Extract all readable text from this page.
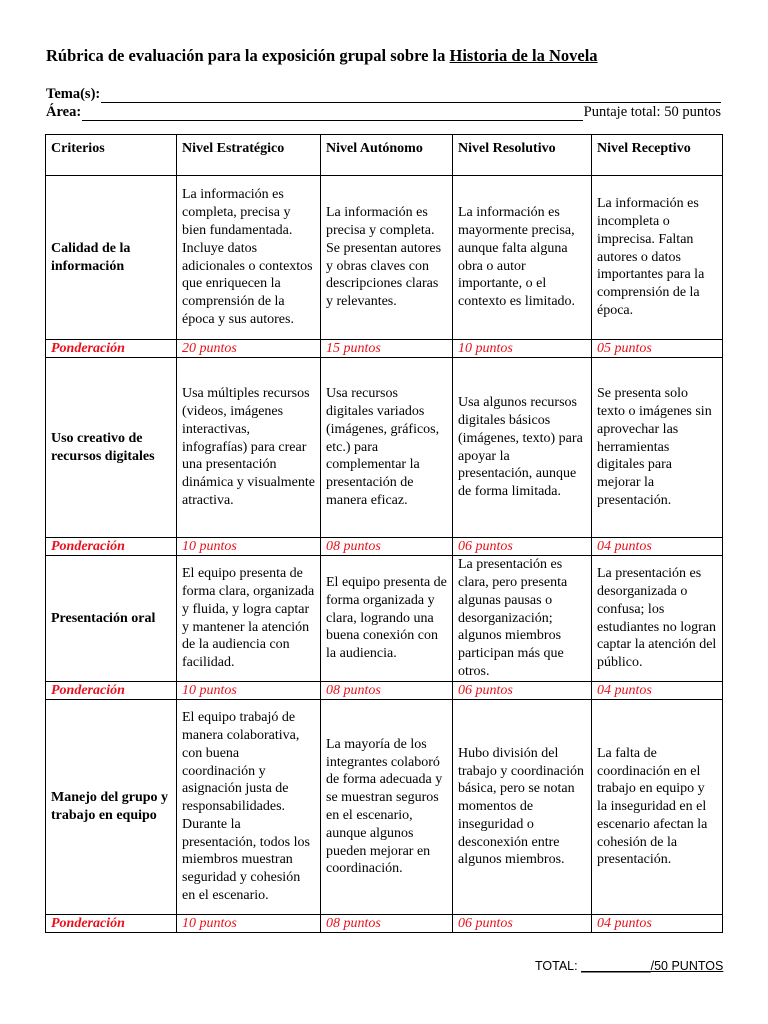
Rúbrica de evaluación para la exposición grupal sobre la Historia de la Novela
Tema(s):
Área:	Puntaje total: 50 puntos
Criterios	Nivel Estratégico	Nivel Autónomo	Nivel Resolutivo	Nivel Receptivo
Calidad de la información	La información es completa, precisa y bien fundamentada. Incluye datos adicionales o contextos que enriquecen la comprensión de la época y sus autores.	La información es precisa y completa. Se presentan autores y obras claves con descripciones claras y relevantes.	La información es mayormente precisa, aunque falta alguna obra o autor importante, o el contexto es limitado.	La información es incompleta o imprecisa. Faltan autores o datos importantes para la comprensión de la época.
Ponderación	20 puntos	15 puntos	10 puntos	05 puntos
Uso creativo de recursos digitales	Usa múltiples recursos (videos, imágenes interactivas, infografías) para crear una presentación dinámica y visualmente atractiva.	Usa recursos digitales variados (imágenes, gráficos, etc.) para complementar la presentación de manera eficaz.	Usa algunos recursos digitales básicos (imágenes, texto) para apoyar la presentación, aunque de forma limitada.	Se presenta solo texto o imágenes sin aprovechar las herramientas digitales para mejorar la presentación.
Ponderación	10 puntos	08 puntos	06 puntos	04 puntos
Presentación oral	El equipo presenta de forma clara, organizada y fluida, y logra captar y mantener la atención de la audiencia con facilidad.	El equipo presenta de forma organizada y clara, logrando una buena conexión con la audiencia.	La presentación es clara, pero presenta algunas pausas o desorganización; algunos miembros participan más que otros.	La presentación es desorganizada o confusa; los estudiantes no logran captar la atención del público.
Ponderación	10 puntos	08 puntos	06 puntos	04 puntos
Manejo del grupo y trabajo en equipo	El equipo trabajó de manera colaborativa, con buena coordinación y asignación justa de responsabilidades. Durante la presentación, todos los miembros muestran seguridad y cohesión en el escenario.	La mayoría de los integrantes colaboró de forma adecuada y se muestran seguros en el escenario, aunque algunos pueden mejorar en coordinación.	Hubo división del trabajo y coordinación básica, pero se notan momentos de inseguridad o desconexión entre algunos miembros.	La falta de coordinación en el trabajo en equipo y la inseguridad en el escenario afectan la cohesión de la presentación.
Ponderación	10 puntos	08 puntos	06 puntos	04 puntos
TOTAL: __________/50 PUNTOS
